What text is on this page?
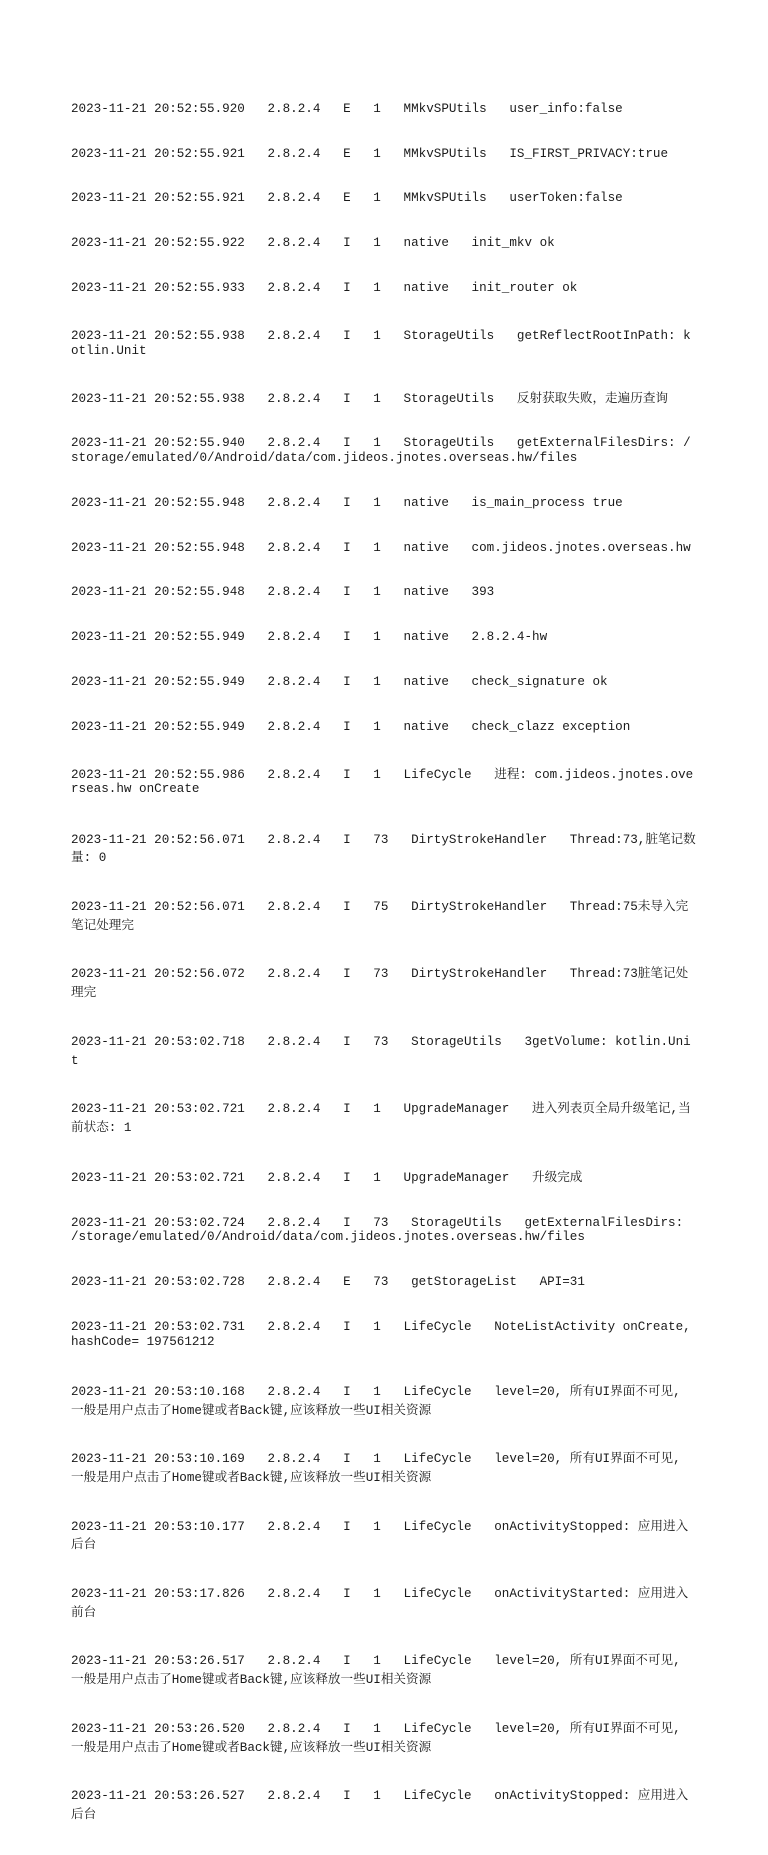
2023-11-21 20:52:55.920   2.8.2.4   E   1   MMkvSPUtils   user_info:false

2023-11-21 20:52:55.921   2.8.2.4   E   1   MMkvSPUtils   IS_FIRST_PRIVACY:true

2023-11-21 20:52:55.921   2.8.2.4   E   1   MMkvSPUtils   userToken:false

2023-11-21 20:52:55.922   2.8.2.4   I   1   native   init_mkv ok

2023-11-21 20:52:55.933   2.8.2.4   I   1   native   init_router ok

2023-11-21 20:52:55.938   2.8.2.4   I   1   StorageUtils   getReflectRootInPath: kotlin.Unit

2023-11-21 20:52:55.938   2.8.2.4   I   1   StorageUtils   反射获取失败，走遍历查询

2023-11-21 20:52:55.940   2.8.2.4   I   1   StorageUtils   getExternalFilesDirs: /storage/emulated/0/Android/data/com.jideos.jnotes.overseas.hw/files

2023-11-21 20:52:55.948   2.8.2.4   I   1   native   is_main_process true

2023-11-21 20:52:55.948   2.8.2.4   I   1   native   com.jideos.jnotes.overseas.hw

2023-11-21 20:52:55.948   2.8.2.4   I   1   native   393

2023-11-21 20:52:55.949   2.8.2.4   I   1   native   2.8.2.4-hw

2023-11-21 20:52:55.949   2.8.2.4   I   1   native   check_signature ok

2023-11-21 20:52:55.949   2.8.2.4   I   1   native   check_clazz exception

2023-11-21 20:52:55.986   2.8.2.4   I   1   LifeCycle   进程: com.jideos.jnotes.overseas.hw onCreate

2023-11-21 20:52:56.071   2.8.2.4   I   73   DirtyStrokeHandler   Thread:73,脏笔记数量: 0

2023-11-21 20:52:56.071   2.8.2.4   I   75   DirtyStrokeHandler   Thread:75未导入完笔记处理完

2023-11-21 20:52:56.072   2.8.2.4   I   73   DirtyStrokeHandler   Thread:73脏笔记处理完

2023-11-21 20:53:02.718   2.8.2.4   I   73   StorageUtils   3getVolume: kotlin.Unit

2023-11-21 20:53:02.721   2.8.2.4   I   1   UpgradeManager   进入列表页全局升级笔记,当前状态: 1

2023-11-21 20:53:02.721   2.8.2.4   I   1   UpgradeManager   升级完成

2023-11-21 20:53:02.724   2.8.2.4   I   73   StorageUtils   getExternalFilesDirs: /storage/emulated/0/Android/data/com.jideos.jnotes.overseas.hw/files

2023-11-21 20:53:02.728   2.8.2.4   E   73   getStorageList   API=31

2023-11-21 20:53:02.731   2.8.2.4   I   1   LifeCycle   NoteListActivity onCreate, hashCode= 197561212

2023-11-21 20:53:10.168   2.8.2.4   I   1   LifeCycle   level=20, 所有UI界面不可见, 一般是用户点击了Home键或者Back键,应该释放一些UI相关资源

2023-11-21 20:53:10.169   2.8.2.4   I   1   LifeCycle   level=20, 所有UI界面不可见, 一般是用户点击了Home键或者Back键,应该释放一些UI相关资源

2023-11-21 20:53:10.177   2.8.2.4   I   1   LifeCycle   onActivityStopped: 应用进入后台

2023-11-21 20:53:17.826   2.8.2.4   I   1   LifeCycle   onActivityStarted: 应用进入前台

2023-11-21 20:53:26.517   2.8.2.4   I   1   LifeCycle   level=20, 所有UI界面不可见, 一般是用户点击了Home键或者Back键,应该释放一些UI相关资源

2023-11-21 20:53:26.520   2.8.2.4   I   1   LifeCycle   level=20, 所有UI界面不可见, 一般是用户点击了Home键或者Back键,应该释放一些UI相关资源

2023-11-21 20:53:26.527   2.8.2.4   I   1   LifeCycle   onActivityStopped: 应用进入后台
